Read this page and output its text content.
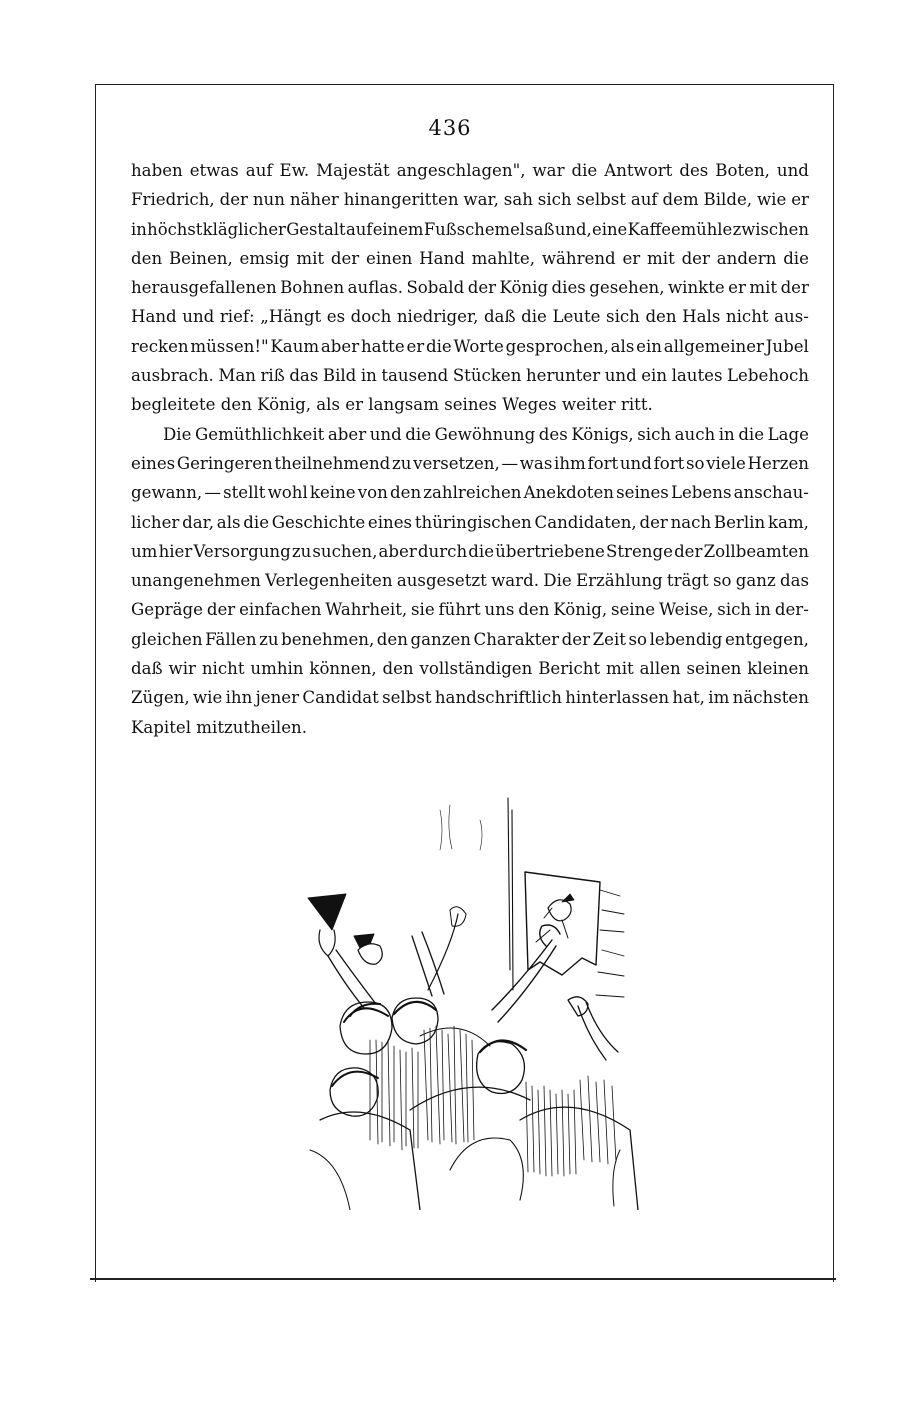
436
haben etwas auf Ew. Majestät angeschlagen", war die Antwort des Boten, und
Friedrich, der nun näher hinangeritten war, sah sich selbst auf dem Bilde, wie er
in höchst kläglicher Gestalt auf einem Fußschemel saß und, eine Kaffeemühle zwischen
den Beinen, emsig mit der einen Hand mahlte, während er mit der andern die
herausgefallenen Bohnen auflas. Sobald der König dies gesehen, winkte er mit der
Hand und rief: „Hängt es doch niedriger, daß die Leute sich den Hals nicht aus-
recken müssen!" Kaum aber hatte er die Worte gesprochen, als ein allgemeiner Jubel
ausbrach. Man riß das Bild in tausend Stücken herunter und ein lautes Lebehoch
begleitete den König, als er langsam seines Weges weiter ritt.
Die Gemüthlichkeit aber und die Gewöhnung des Königs, sich auch in die Lage
eines Geringeren theilnehmend zu versetzen, — was ihm fort und fort so viele Herzen
gewann, — stellt wohl keine von den zahlreichen Anekdoten seines Lebens anschau-
licher dar, als die Geschichte eines thüringischen Candidaten, der nach Berlin kam,
um hier Versorgung zu suchen, aber durch die übertriebene Strenge der Zollbeamten
unangenehmen Verlegenheiten ausgesetzt ward. Die Erzählung trägt so ganz das
Gepräge der einfachen Wahrheit, sie führt uns den König, seine Weise, sich in der-
gleichen Fällen zu benehmen, den ganzen Charakter der Zeit so lebendig entgegen,
daß wir nicht umhin können, den vollständigen Bericht mit allen seinen kleinen
Zügen, wie ihn jener Candidat selbst handschriftlich hinterlassen hat, im nächsten
Kapitel mitzutheilen.
